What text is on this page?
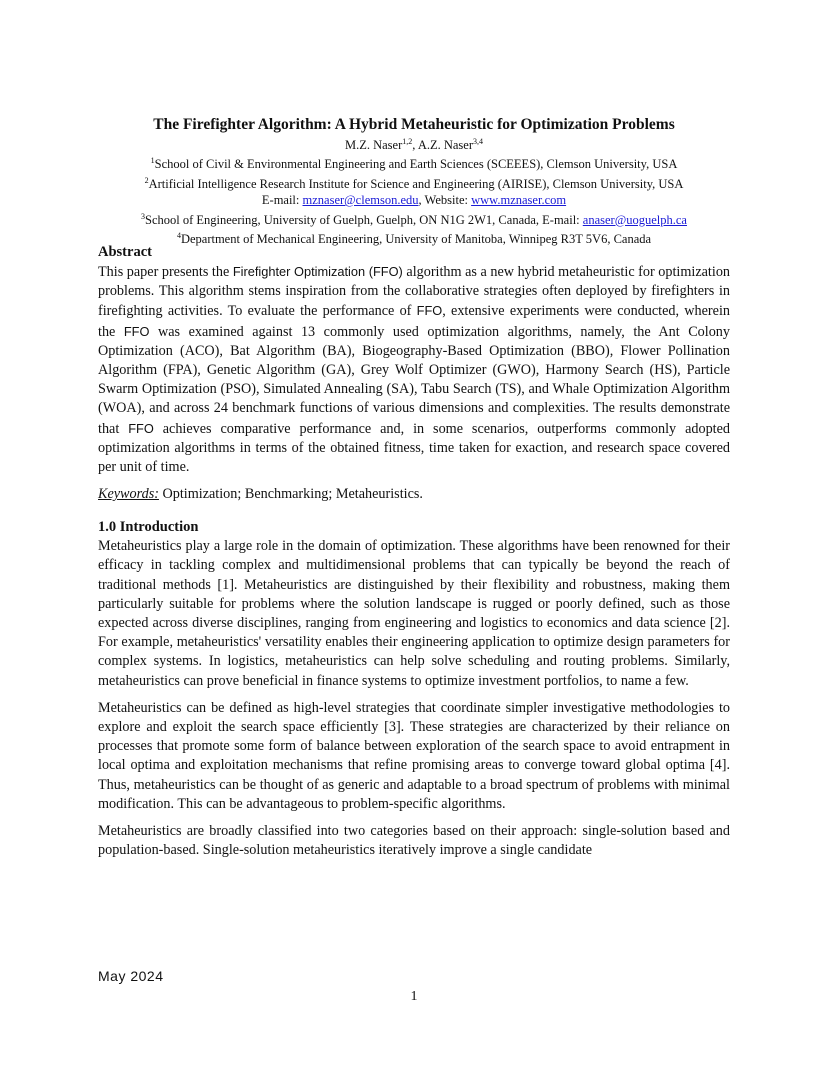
The Firefighter Algorithm: A Hybrid Metaheuristic for Optimization Problems
M.Z. Naser$^{1,2}$, A.Z. Naser$^{3,4}$
$^1$School of Civil & Environmental Engineering and Earth Sciences (SCEEES), Clemson University, USA
$^2$Artificial Intelligence Research Institute for Science and Engineering (AIRISE), Clemson University, USA
E-mail: mznaser@clemson.edu, Website: www.mznaser.com
$^3$School of Engineering, University of Guelph, Guelph, ON N1G 2W1, Canada, E-mail: anaser@uoguelph.ca
$^4$Department of Mechanical Engineering, University of Manitoba, Winnipeg R3T 5V6, Canada
Abstract

This paper presents the Firefighter Optimization (FFO) algorithm as a new hybrid metaheuristic for optimization problems. This algorithm stems inspiration from the collaborative strategies often deployed by firefighters in firefighting activities. To evaluate the performance of FFO, extensive experiments were conducted, wherein the FFO was examined against 13 commonly used optimization algorithms, namely, the Ant Colony Optimization (ACO), Bat Algorithm (BA), Biogeography-Based Optimization (BBO), Flower Pollination Algorithm (FPA), Genetic Algorithm (GA), Grey Wolf Optimizer (GWO), Harmony Search (HS), Particle Swarm Optimization (PSO), Simulated Annealing (SA), Tabu Search (TS), and Whale Optimization Algorithm (WOA), and across 24 benchmark functions of various dimensions and complexities. The results demonstrate that FFO achieves comparative performance and, in some scenarios, outperforms commonly adopted optimization algorithms in terms of the obtained fitness, time taken for exaction, and research space covered per unit of time.

Keywords: Optimization; Benchmarking; Metaheuristics.

1.0 Introduction

Metaheuristics play a large role in the domain of optimization. These algorithms have been renowned for their efficacy in tackling complex and multidimensional problems that can typically be beyond the reach of traditional methods [1]. Metaheuristics are distinguished by their flexibility and robustness, making them particularly suitable for problems where the solution landscape is rugged or poorly defined, such as those expected across diverse disciplines, ranging from engineering and logistics to economics and data science [2]. For example, metaheuristics' versatility enables their engineering application to optimize design parameters for complex systems. In logistics, metaheuristics can help solve scheduling and routing problems. Similarly, metaheuristics can prove beneficial in finance systems to optimize investment portfolios, to name a few.

Metaheuristics can be defined as high-level strategies that coordinate simpler investigative methodologies to explore and exploit the search space efficiently [3]. These strategies are characterized by their reliance on processes that promote some form of balance between exploration of the search space to avoid entrapment in local optima and exploitation mechanisms that refine promising areas to converge toward global optima [4]. Thus, metaheuristics can be thought of as generic and adaptable to a broad spectrum of problems with minimal modification. This can be advantageous to problem-specific algorithms.

Metaheuristics are broadly classified into two categories based on their approach: single-solution based and population-based. Single-solution metaheuristics iteratively improve a single candidate

May 2024
1
